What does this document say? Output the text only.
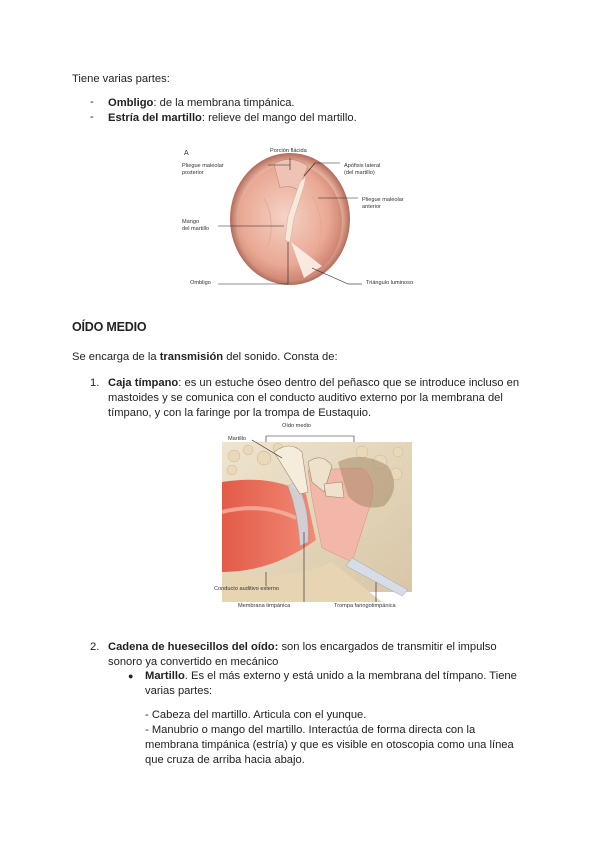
Tiene varias partes:

- Ombligo: de la membrana timpánica.

- Estría del martillo: relieve del mango del martillo.

A
Pliegue maleolar
posterior
Porción flácida
Apófisis lateral
(del martillo)
Pliegue maleolar
anterior
Mango
del martillo
Ombligo	Triángulo luminoso

OÍDO MEDIO

Se encarga de la transmisión del sonido. Consta de:

1. Caja tímpano: es un estuche óseo dentro del peñasco que se introduce incluso en

mastoides y se comunica con el conducto auditivo externo por la membrana del

tímpano, y con la faringe por la trompa de Eustaquio.

Oído medio
Martillo
Conducto auditivo externo
Membrana timpánica	Trompa faringotimpánica

2. Cadena de huesecillos del oído: son los encargados de transmitir el impulso

sonoro ya convertido en mecánico

● Martillo. Es el más externo y está unido a la membrana del tímpano. Tiene

varias partes:

- Cabeza del martillo. Articula con el yunque.

- Manubrio o mango del martillo. Interactúa de forma directa con la

membrana timpánica (estría) y que es visible en otoscopia como una línea

que cruza de arriba hacia abajo.
